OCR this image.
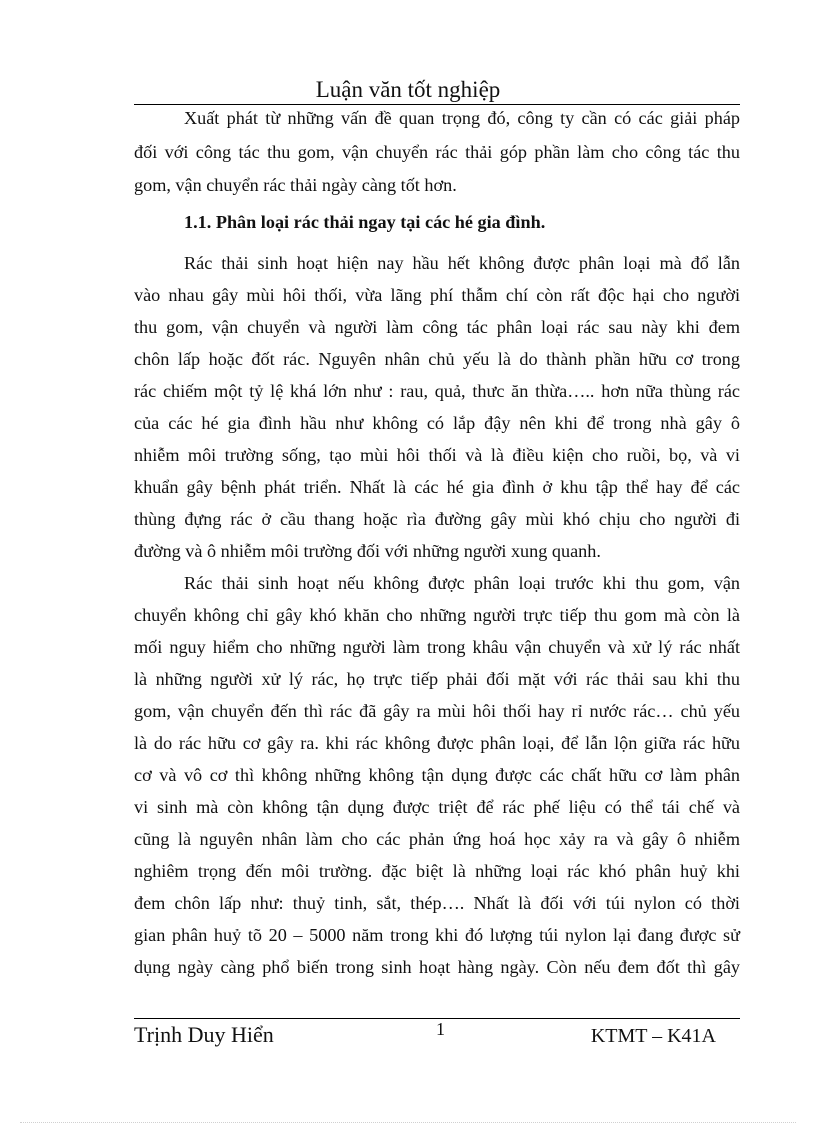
Luận văn tốt nghiệp
Xuất phát từ những vấn đề quan trọng đó, công ty cần có các giải pháp
đối với công tác thu gom, vận chuyển rác thải góp phần làm cho công tác thu
gom, vận chuyển rác thải ngày càng tốt hơn.
1.1. Phân loại rác thải ngay tại các hé gia đình.
Rác thải sinh hoạt hiện nay hầu hết không được phân loại mà đổ lẫn
vào nhau gây mùi hôi thối, vừa lãng phí thẫm chí còn rất độc hại cho người
thu gom, vận chuyển và người làm công tác phân loại rác sau này khi đem
chôn lấp hoặc đốt rác. Nguyên nhân chủ yếu là do thành phần hữu cơ trong
rác chiếm một tỷ lệ khá lớn như : rau, quả, thưc ăn thừa….. hơn nữa thùng rác
của các hé gia đình hầu như không có lắp đậy nên khi để trong nhà gây ô
nhiễm môi trường sống, tạo mùi hôi thối và là điều kiện cho ruồi, bọ, và vi
khuẩn gây bệnh phát triển. Nhất là các hé gia đình ở khu tập thể hay để các
thùng đựng rác ở cầu thang hoặc rìa đường gây mùi khó chịu cho người đi
đường và ô nhiễm môi trường đối với những người xung quanh.
Rác thải sinh hoạt nếu không được phân loại trước khi thu gom, vận
chuyển không chỉ gây khó khăn cho những người trực tiếp thu gom mà còn là
mối nguy hiểm cho những người làm trong khâu vận chuyển và xử lý rác nhất
là những người xử lý rác, họ trực tiếp phải đối mặt với rác thải sau khi thu
gom, vận chuyển đến thì rác đã gây ra mùi hôi thối hay rỉ nước rác… chủ yếu
là do rác hữu cơ gây ra. khi rác không được phân loại, để lẫn lộn giữa rác hữu
cơ và vô cơ thì không những không tận dụng được các chất hữu cơ làm phân
vi sinh mà còn không tận dụng được triệt để rác phế liệu có thể tái chế và
cũng là nguyên nhân làm cho các phản ứng hoá học xảy ra và gây ô nhiễm
nghiêm trọng đến môi trường. đặc biệt là những loại rác khó phân huỷ khi
đem chôn lấp như: thuỷ tinh, sắt, thép…. Nhất là đối với túi nylon có thời
gian phân huỷ tõ 20 – 5000 năm trong khi đó lượng túi nylon lại đang được sử
dụng ngày càng phổ biến trong sinh hoạt hàng ngày. Còn nếu đem đốt thì gây
Trịnh Duy Hiển	1	KTMT – K41A
